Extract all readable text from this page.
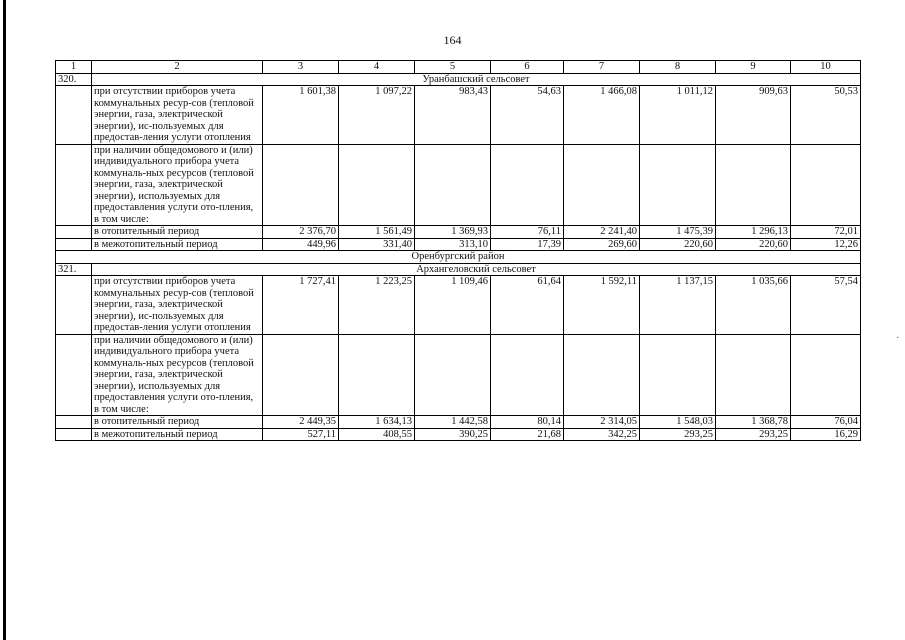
164
·
1	2	3	4	5	6	7	8	9	10
320.	Уранбашский сельсовет								
	при отсутствии приборов учета коммунальных ресур-сов (тепловой энергии, газа, электрической энергии), ис-пользуемых для предостав-ления услуги отопления	1 601,38	1 097,22	983,43	54,63	1 466,08	1 011,12	909,63	50,53
	при наличии общедомового и (или) индивидуального прибора учета коммуналь-ных ресурсов (тепловой энергии, газа, электрической энергии), используемых для предоставления услуги ото-пления, в том числе:								
	в отопительный период	2 376,70	1 561,49	1 369,93	76,11	2 241,40	1 475,39	1 296,13	72,01
	в межотопительный период	449,96	331,40	313,10	17,39	269,60	220,60	220,60	12,26
Оренбургский район									
321.	Архангеловский сельсовет								
	при отсутствии приборов учета коммунальных ресур-сов (тепловой энергии, газа, электрической энергии), ис-пользуемых для предостав-ления услуги отопления	1 727,41	1 223,25	1 109,46	61,64	1 592,11	1 137,15	1 035,66	57,54
	при наличии общедомового и (или) индивидуального прибора учета коммуналь-ных ресурсов (тепловой энергии, газа, электрической энергии), используемых для предоставления услуги ото-пления, в том числе:								
	в отопительный период	2 449,35	1 634,13	1 442,58	80,14	2 314,05	1 548,03	1 368,78	76,04
	в межотопительный период	527,11	408,55	390,25	21,68	342,25	293,25	293,25	16,29
